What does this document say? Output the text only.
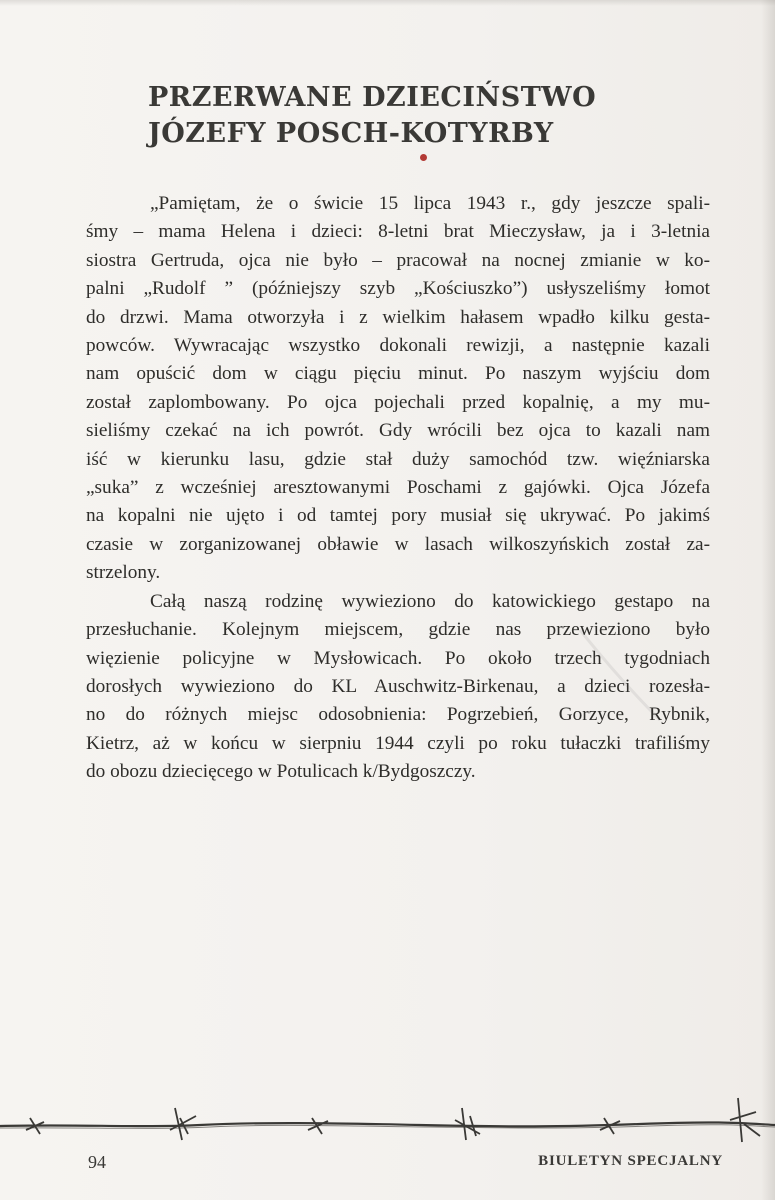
PRZERWANE DZIECIŃSTWO
JÓZEFY POSCH-KOTYRBY
„Pamiętam, że o świcie 15 lipca 1943 r., gdy jeszcze spali-
śmy – mama Helena i dzieci: 8-letni brat Mieczysław, ja i 3-letnia
siostra Gertruda, ojca nie było – pracował na nocnej zmianie w ko-
palni „Rudolf ” (późniejszy szyb „Kościuszko”) usłyszeliśmy łomot
do drzwi. Mama otworzyła i z wielkim hałasem wpadło kilku gesta-
powców. Wywracając wszystko dokonali rewizji, a następnie kazali
nam opuścić dom w ciągu pięciu minut. Po naszym wyjściu dom
został zaplombowany. Po ojca pojechali przed kopalnię, a my mu-
sieliśmy czekać na ich powrót. Gdy wrócili bez ojca to kazali nam
iść w kierunku lasu, gdzie stał duży samochód tzw. więźniarska
„suka” z wcześniej aresztowanymi Poschami z gajówki. Ojca Józefa
na kopalni nie ujęto i od tamtej pory musiał się ukrywać. Po jakimś
czasie w zorganizowanej obławie w lasach wilkoszyńskich został za-
strzelony.
Całą naszą rodzinę wywieziono do katowickiego gestapo na
przesłuchanie. Kolejnym miejscem, gdzie nas przewieziono było
więzienie policyjne w Mysłowicach. Po około trzech tygodniach
dorosłych wywieziono do KL Auschwitz-Birkenau, a dzieci rozesła-
no do różnych miejsc odosobnienia: Pogrzebień, Gorzyce, Rybnik,
Kietrz, aż w końcu w sierpniu 1944 czyli po roku tułaczki trafiliśmy
do obozu dziecięcego w Potulicach k/Bydgoszczy.
94	BIULETYN SPECJALNY
